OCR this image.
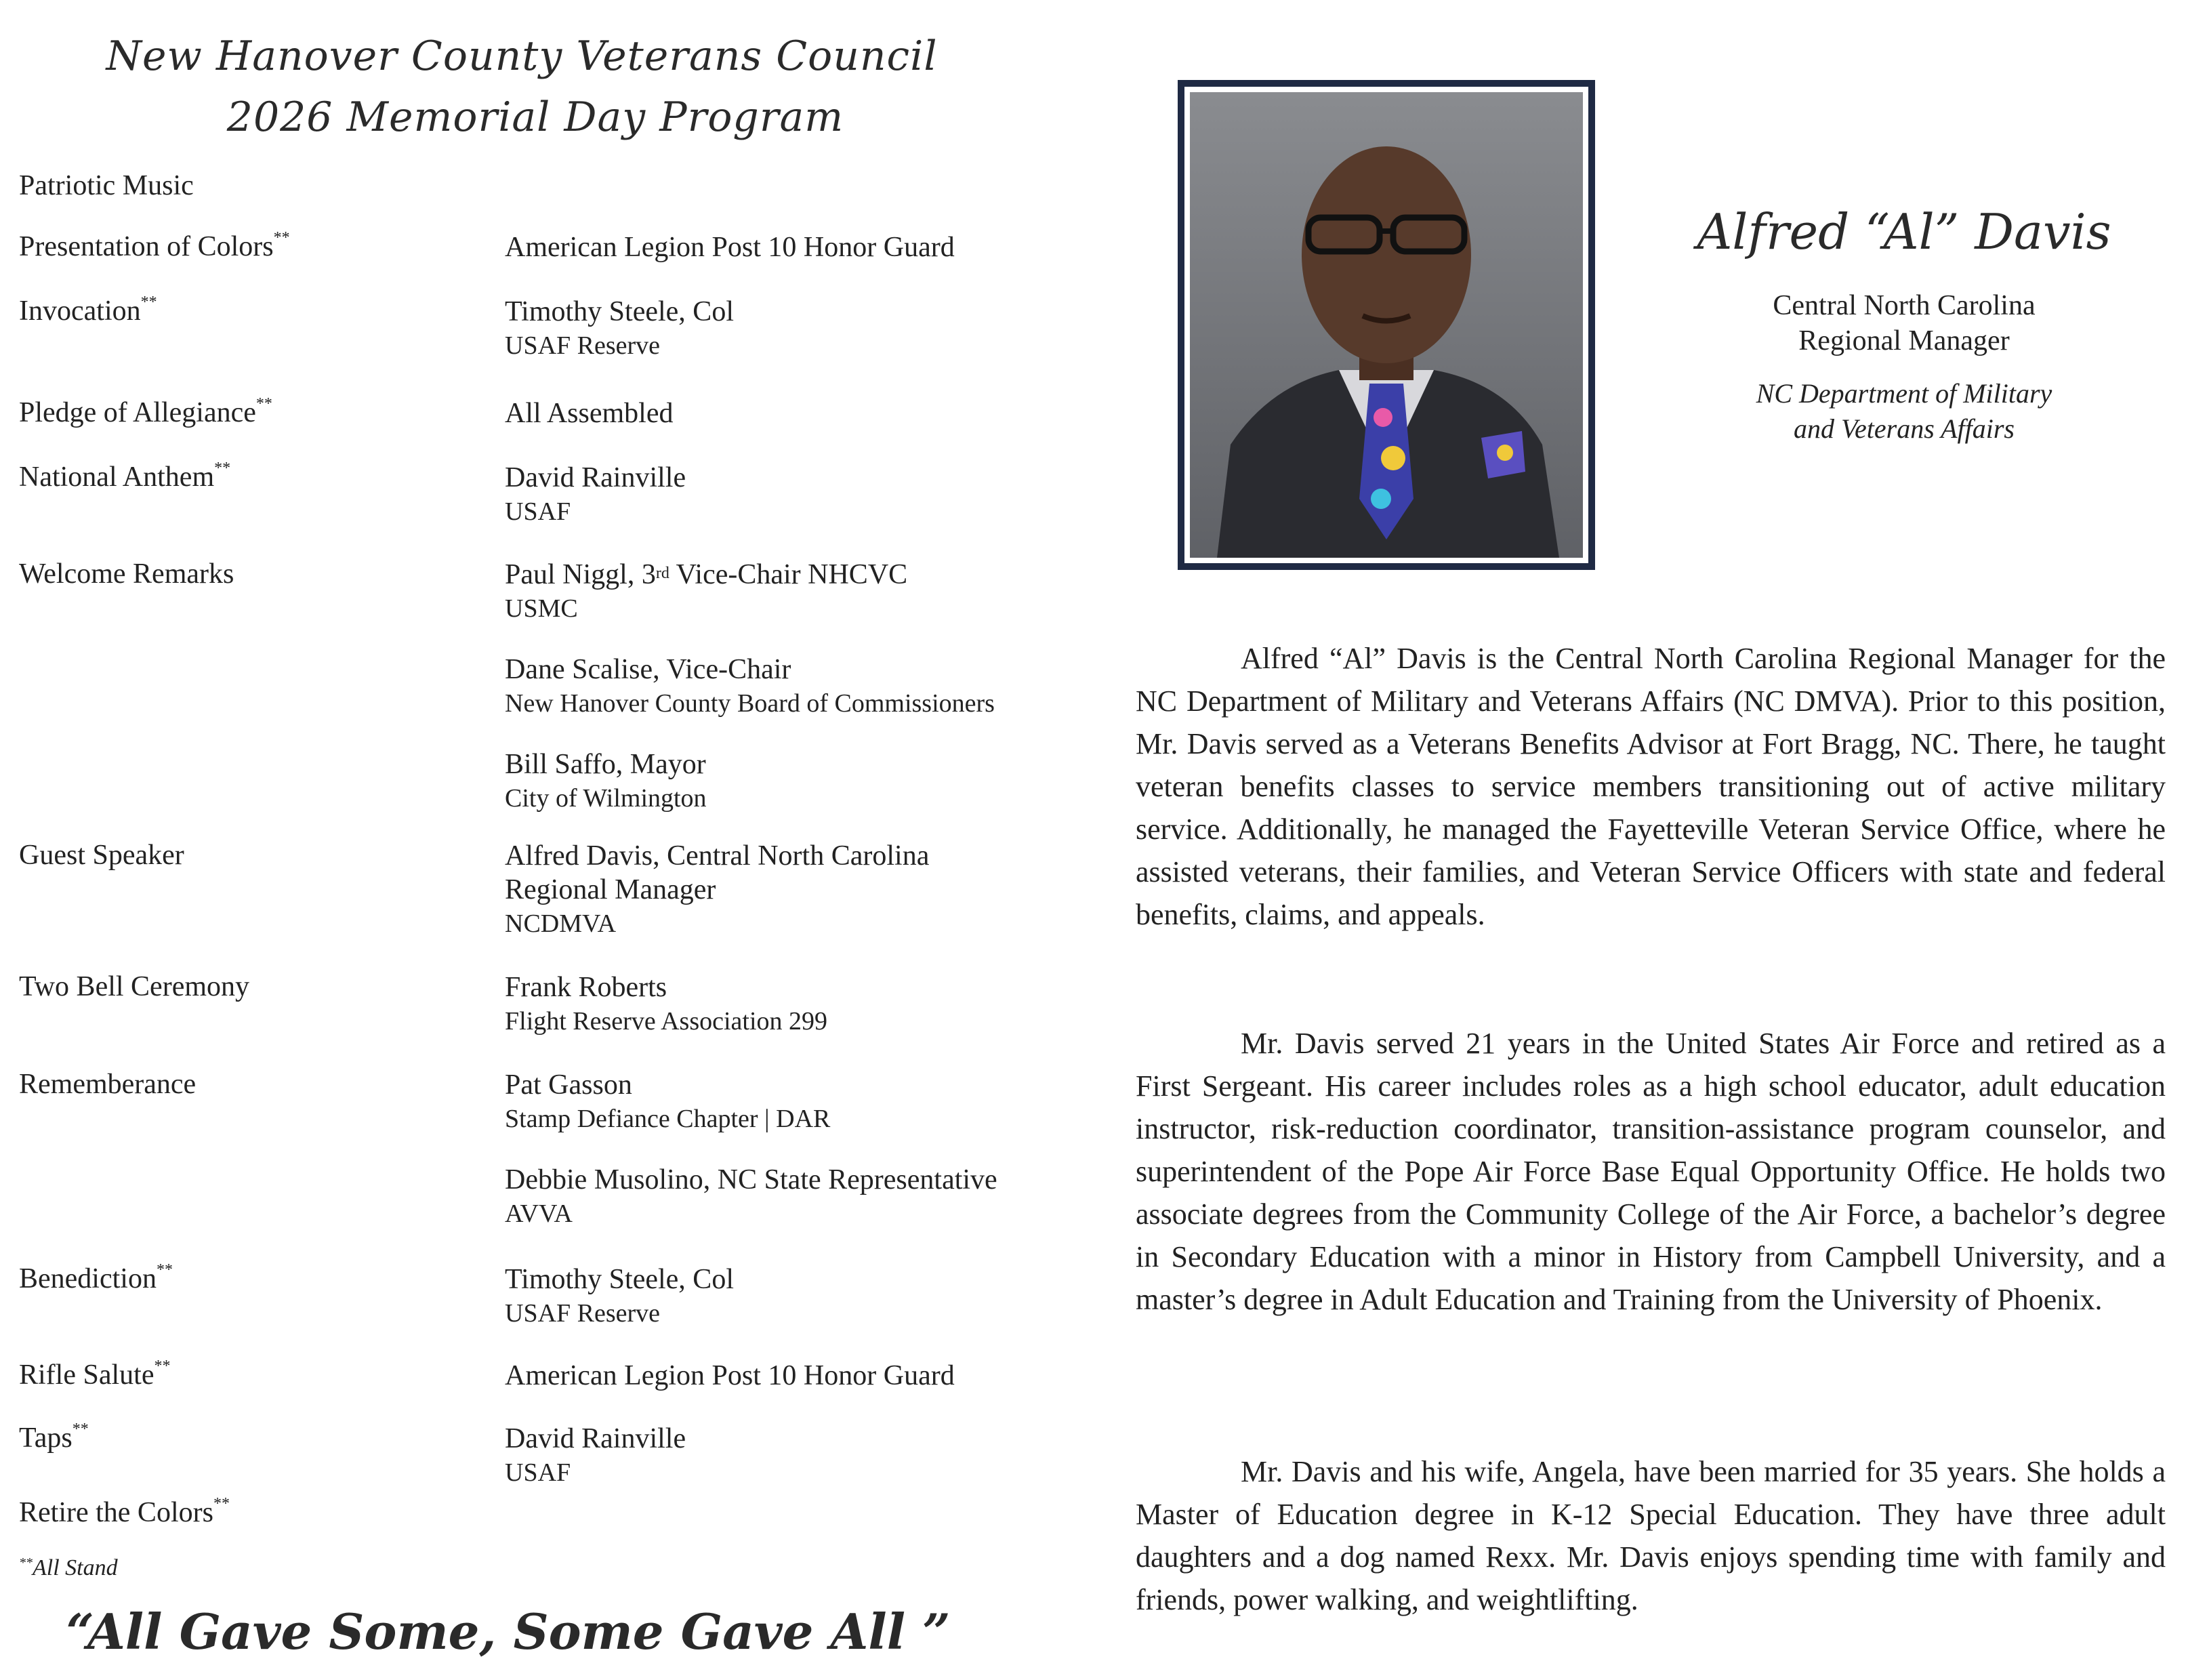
New Hanover County Veterans Council
2026 Memorial Day Program
Patriotic Music
Presentation of Colors**	American Legion Post 10 Honor Guard
Invocation**	Timothy Steele, Col
USAF Reserve
Pledge of Allegiance**	All Assembled
National Anthem**	David Rainville
USAF
Welcome Remarks	Paul Niggl, 3rd Vice-Chair NHCVC
USMC
Dane Scalise, Vice-Chair
New Hanover County Board of Commissioners
Bill Saffo, Mayor
City of Wilmington
Guest Speaker	Alfred Davis, Central North Carolina
Regional Manager
NCDMVA
Two Bell Ceremony	Frank Roberts
Flight Reserve Association 299
Rememberance	Pat Gasson
Stamp Defiance Chapter | DAR
Debbie Musolino, NC State Representative
AVVA
Benediction**	Timothy Steele, Col
USAF Reserve
Rifle Salute**	American Legion Post 10 Honor Guard
Taps**	David Rainville
USAF
Retire the Colors**
**All Stand
“All Gave Some, Some Gave All ”
Alfred “Al” Davis
Central North Carolina
Regional Manager
NC Department of Military
and Veterans Affairs

Alfred “Al” Davis is the Central North Carolina Regional Manager for the NC Department of Military and Veterans Affairs (NC DMVA). Prior to this position, Mr. Davis served as a Veterans Benefits Advisor at Fort Bragg, NC. There, he taught veteran benefits classes to service members transitioning out of active military service. Additionally, he managed the Fayetteville Veteran Service Office, where he assisted veterans, their families, and Veteran Service Officers with state and federal benefits, claims, and appeals.

Mr. Davis served 21 years in the United States Air Force and retired as a First Sergeant. His career includes roles as a high school educator, adult education instructor, risk-reduction coordinator, transition-assistance program counselor, and superintendent of the Pope Air Force Base Equal Opportunity Office. He holds two associate degrees from the Community College of the Air Force, a bachelor’s degree in Secondary Education with a minor in History from Campbell University, and a master’s degree in Adult Education and Training from the University of Phoenix.

Mr. Davis and his wife, Angela, have been married for 35 years. She holds a Master of Education degree in K-12 Special Education. They have three adult daughters and a dog named Rexx. Mr. Davis enjoys spending time with family and friends, power walking, and weightlifting.
